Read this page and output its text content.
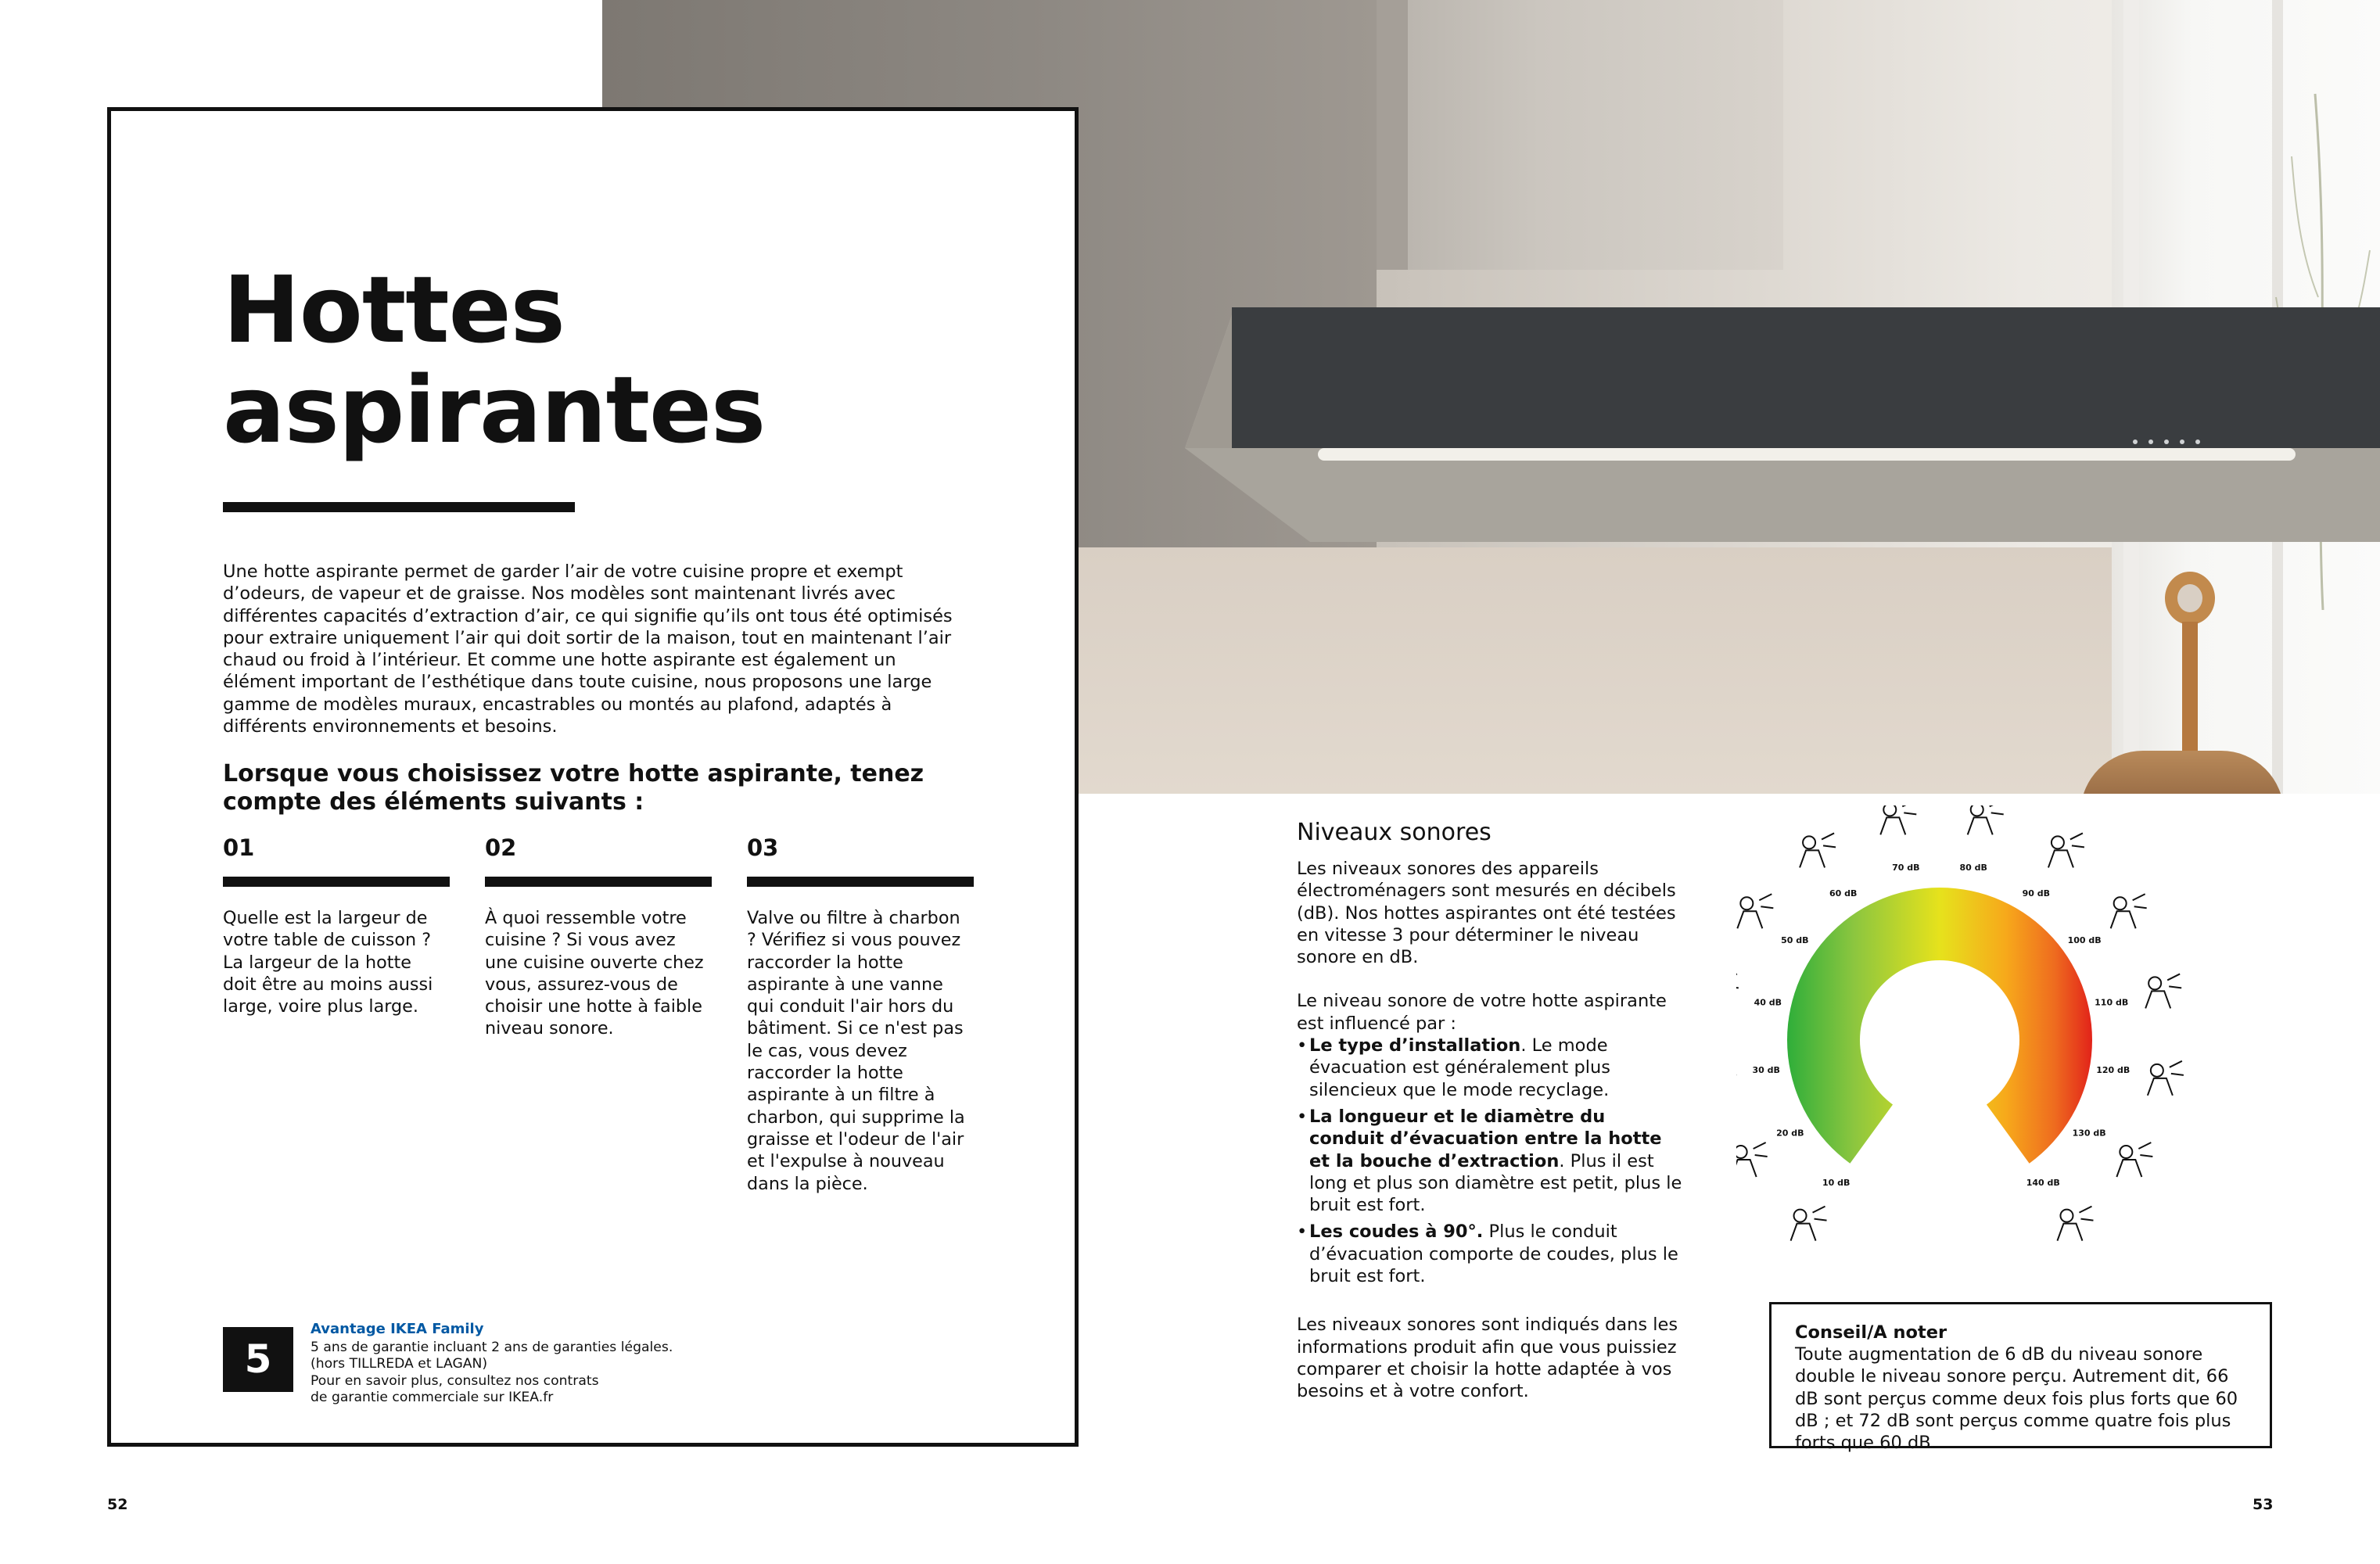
Hottes
aspirantes

Une hotte aspirante permet de garder l’air de votre cuisine propre et exempt d’odeurs, de vapeur et de graisse. Nos modèles sont maintenant livrés avec différentes capacités d’extraction d’air, ce qui signifie qu’ils ont tous été optimisés pour extraire uniquement l’air qui doit sortir de la maison, tout en maintenant l’air chaud ou froid à l’intérieur. Et comme une hotte aspirante est également un élément important de l’esthétique dans toute cuisine, nous proposons une large gamme de modèles muraux, encastrables ou montés au plafond, adaptés à différents environnements et besoins.

Lorsque vous choisissez votre hotte aspirante, tenez compte des éléments suivants :

01

Quelle est la largeur de votre table de cuisson ? La largeur de la hotte doit être au moins aussi large, voire plus large.

02

À quoi ressemble votre cuisine ? Si vous avez une cuisine ouverte chez vous, assurez-vous de choisir une hotte à faible niveau sonore.

03

Valve ou filtre à charbon ? Vérifiez si vous pouvez raccorder la hotte aspirante à une vanne qui conduit l'air hors du bâtiment. Si ce n'est pas le cas, vous devez raccorder la hotte aspirante à un filtre à charbon, qui supprime la graisse et l'odeur de l'air et l'expulse à nouveau dans la pièce.

5

Avantage IKEA Family

5 ans de garantie incluant 2 ans de garanties légales.

(hors TILLREDA et LAGAN)

Pour en savoir plus, consultez nos contrats

de garantie commerciale sur IKEA.fr

52	53
Niveaux sonores

Les niveaux sonores des appareils électroménagers sont mesurés en décibels (dB). Nos hottes aspirantes ont été testées en vitesse 3 pour déterminer le niveau sonore en dB.

Le niveau sonore de votre hotte aspirante est influencé par :

• Le type d’installation. Le mode évacuation est généralement plus silencieux que le mode recyclage.
• La longueur et le diamètre du conduit d’évacuation entre la hotte et la bouche d’extraction. Plus il est long et plus son diamètre est petit, plus le bruit est fort.
• Les coudes à 90°. Plus le conduit d’évacuation comporte de coudes, plus le bruit est fort.

Les niveaux sonores sont indiqués dans les informations produit afin que vous puissiez comparer et choisir la hotte adaptée à vos besoins et à votre confort.

10 dB
20 dB
30 dB
40 dB
50 dB
60 dB
70 dB	80 dB
90 dB
100 dB
110 dB
120 dB
130 dB
140 dB

Conseil/A noter

Toute augmentation de 6 dB du niveau sonore double le niveau sonore perçu. Autrement dit, 66 dB sont perçus comme deux fois plus forts que 60 dB ; et 72 dB sont perçus comme quatre fois plus forts que 60 dB.
